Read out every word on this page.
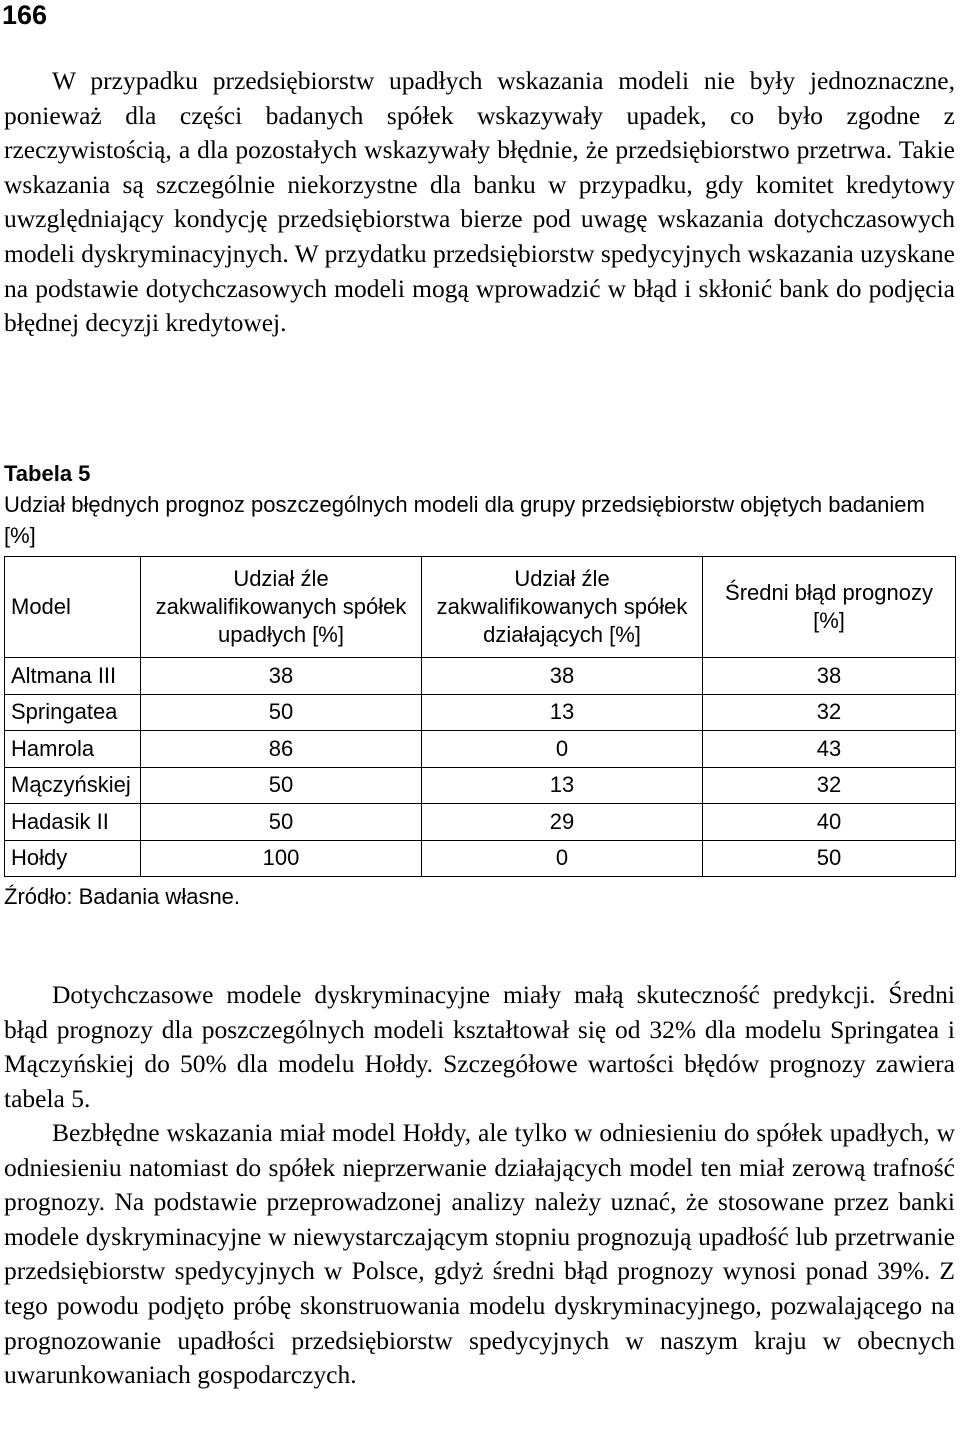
166

W przypadku przedsiębiorstw upadłych wskazania modeli nie były jednoznaczne, ponieważ dla części badanych spółek wskazywały upadek, co było zgodne z rzeczywistością, a dla pozostałych wskazywały błędnie, że przedsiębiorstwo przetrwa. Takie wskazania są szczególnie niekorzystne dla banku w przypadku, gdy komitet kredytowy uwzględniający kondycję przedsiębiorstwa bierze pod uwagę wskazania dotychczasowych modeli dyskryminacyjnych. W przydatku przedsiębiorstw spedycyjnych wskazania uzyskane na podstawie dotychczasowych modeli mogą wprowadzić w błąd i skłonić bank do podjęcia błędnej decyzji kredytowej.

Tabela 5
Udział błędnych prognoz poszczególnych modeli dla grupy przedsiębiorstw objętych badaniem [%]
Model	Udział źle zakwalifikowanych spółek upadłych [%]	Udział źle zakwalifikowanych spółek działających [%]	Średni błąd prognozy [%]
Altmana III	38	38	38
Springatea	50	13	32
Hamrola	86	0	43
Mączyńskiej	50	13	32
Hadasik II	50	29	40
Hołdy	100	0	50
Źródło: Badania własne.

Dotychczasowe modele dyskryminacyjne miały małą skuteczność predykcji. Średni błąd prognozy dla poszczególnych modeli kształtował się od 32% dla modelu Springatea i Mączyńskiej do 50% dla modelu Hołdy. Szczegółowe wartości błędów prognozy zawiera tabela 5.

Bezbłędne wskazania miał model Hołdy, ale tylko w odniesieniu do spółek upadłych, w odniesieniu natomiast do spółek nieprzerwanie działających model ten miał zerową trafność prognozy. Na podstawie przeprowadzonej analizy należy uznać, że stosowane przez banki modele dyskryminacyjne w niewystarczającym stopniu prognozują upadłość lub przetrwanie przedsiębiorstw spedycyjnych w Polsce, gdyż średni błąd prognozy wynosi ponad 39%. Z tego powodu podjęto próbę skonstruowania modelu dyskryminacyjnego, pozwalającego na prognozowanie upadłości przedsiębiorstw spedycyjnych w naszym kraju w obecnych uwarunkowaniach gospodarczych.
